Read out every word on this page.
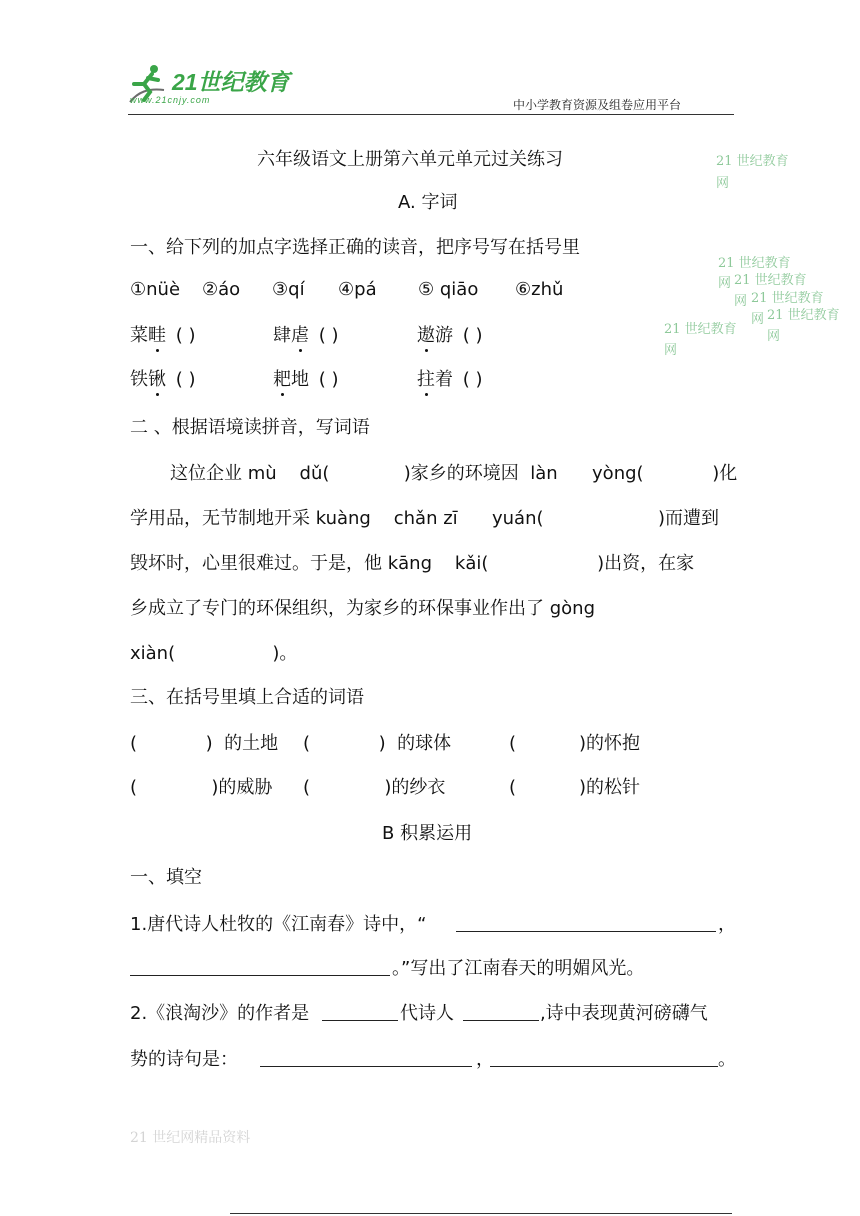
21世纪教育
www.21cnjy.com	中小学教育资源及组卷应用平台
六年级语文上册第六单元单元过关练习
A. 字词
一、给下列的加点字选择正确的读音，把序号写在括号里
①nüè ②áo ③qí ④pá ⑤ qiāo ⑥zhǔ
菜畦 ( )	肆虐 ( )	遨游 ( )
铁锹 ( )	耙地 ( )	拄着 ( )
二 、根据语境读拼音，写词语
这位企业 mù    dǔ(             )家乡的环境因  làn      yòng(            )化
学用品，无节制地开采 kuàng    chǎn zī      yuán(                    )而遭到
毁坏时，心里很难过。于是，他 kāng    kǎi(                   )出资，在家
乡成立了专门的环保组织，为家乡的环保事业作出了 gòng
xiàn(                 )。
三、在括号里填上合适的词语
(            )  的土地 (            )  的球体	(           )的怀抱
(             )的威胁 (             )的纱衣	(           )的松针
B 积累运用
一、填空
1.唐代诗人杜牧的《江南春》诗中，“	，
。”写出了江南春天的明媚风光。
2.《浪淘沙》的作者是	代诗人	,诗中表现黄河磅礴气
势的诗句是：	，	。
21 世纪教育
网
21 世纪教育
网 21 世纪教育
网 21 世纪教育
网 21 世纪教育
网
21 世纪教育
网
21 世纪网精品资料
